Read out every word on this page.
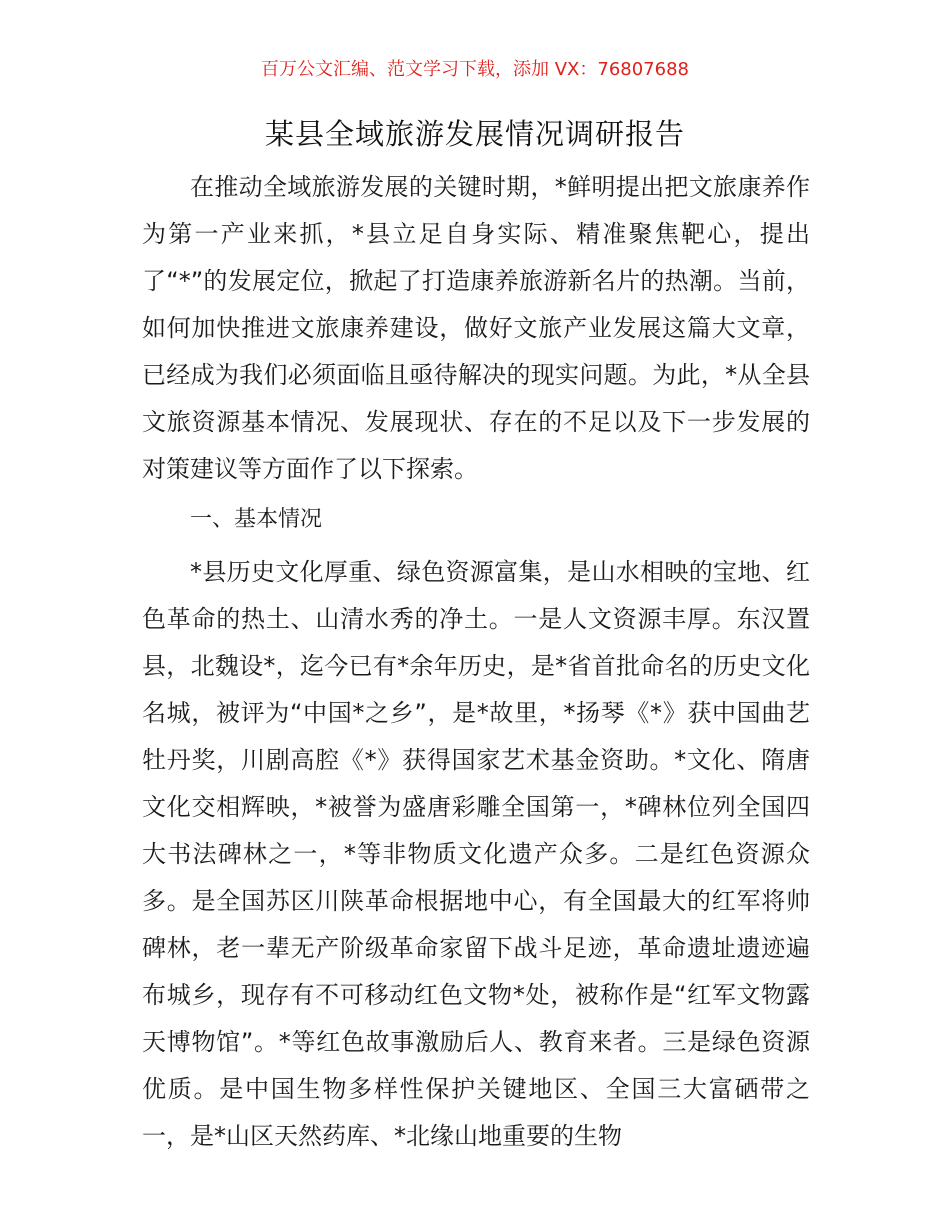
百万公文汇编、范文学习下载，添加 VX：76807688
某县全域旅游发展情况调研报告

在推动全域旅游发展的关键时期，*鲜明提出把文旅康养作为第一产业来抓，*县立足自身实际、精准聚焦靶心，提出了“*”的发展定位，掀起了打造康养旅游新名片的热潮。当前，如何加快推进文旅康养建设，做好文旅产业发展这篇大文章，已经成为我们必须面临且亟待解决的现实问题。为此，*从全县文旅资源基本情况、发展现状、存在的不足以及下一步发展的对策建议等方面作了以下探索。

一、基本情况

*县历史文化厚重、绿色资源富集，是山水相映的宝地、红色革命的热土、山清水秀的净土。一是人文资源丰厚。东汉置县，北魏设*，迄今已有*余年历史，是*省首批命名的历史文化名城，被评为“中国*之乡”，是*故里，*扬琴《*》获中国曲艺牡丹奖，川剧高腔《*》获得国家艺术基金资助。*文化、隋唐文化交相辉映，*被誉为盛唐彩雕全国第一，*碑林位列全国四大书法碑林之一，*等非物质文化遗产众多。二是红色资源众多。是全国苏区川陕革命根据地中心，有全国最大的红军将帅碑林，老一辈无产阶级革命家留下战斗足迹，革命遗址遗迹遍布城乡，现存有不可移动红色文物*处，被称作是“红军文物露天博物馆”。*等红色故事激励后人、教育来者。三是绿色资源优质。是中国生物多样性保护关键地区、全国三大富硒带之一，是*山区天然药库、*北缘山地重要的生物
